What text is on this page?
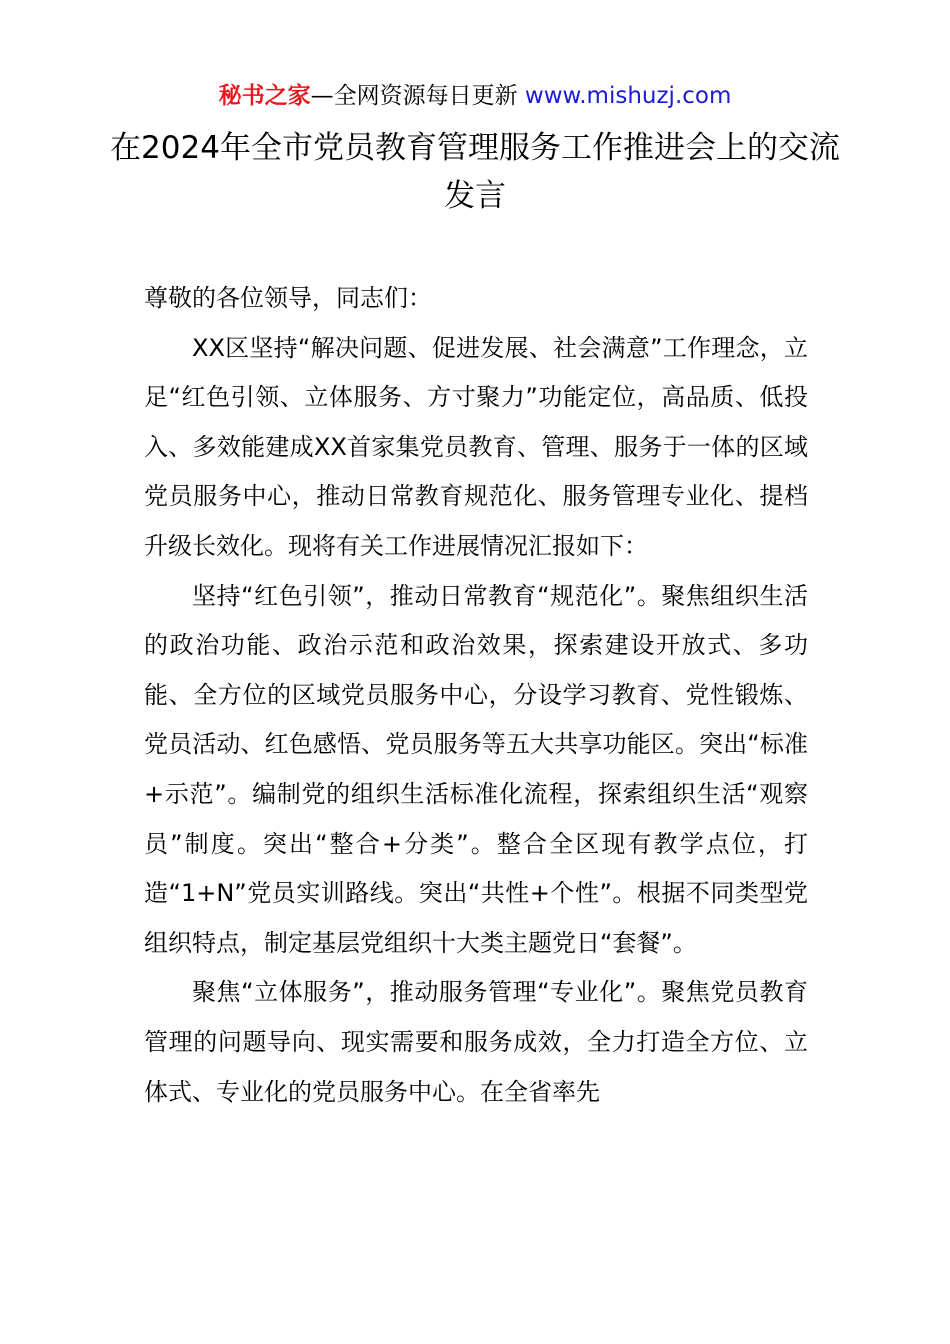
秘书之家—全网资源每日更新 www.mishuzj.com
在2024年全市党员教育管理服务工作推进会上的交流发言

尊敬的各位领导，同志们：

XX区坚持“解决问题、促进发展、社会满意”工作理念，立足“红色引领、立体服务、方寸聚力”功能定位，高品质、低投入、多效能建成XX首家集党员教育、管理、服务于一体的区域党员服务中心，推动日常教育规范化、服务管理专业化、提档升级长效化。现将有关工作进展情况汇报如下：

坚持“红色引领”，推动日常教育“规范化”。聚焦组织生活的政治功能、政治示范和政治效果，探索建设开放式、多功能、全方位的区域党员服务中心，分设学习教育、党性锻炼、党员活动、红色感悟、党员服务等五大共享功能区。突出“标准+示范”。编制党的组织生活标准化流程，探索组织生活“观察员”制度。突出“整合+分类”。整合全区现有教学点位，打造“1+N”党员实训路线。突出“共性+个性”。根据不同类型党组织特点，制定基层党组织十大类主题党日“套餐”。

聚焦“立体服务”，推动服务管理“专业化”。聚焦党员教育管理的问题导向、现实需要和服务成效，全力打造全方位、立体式、专业化的党员服务中心。在全省率先
